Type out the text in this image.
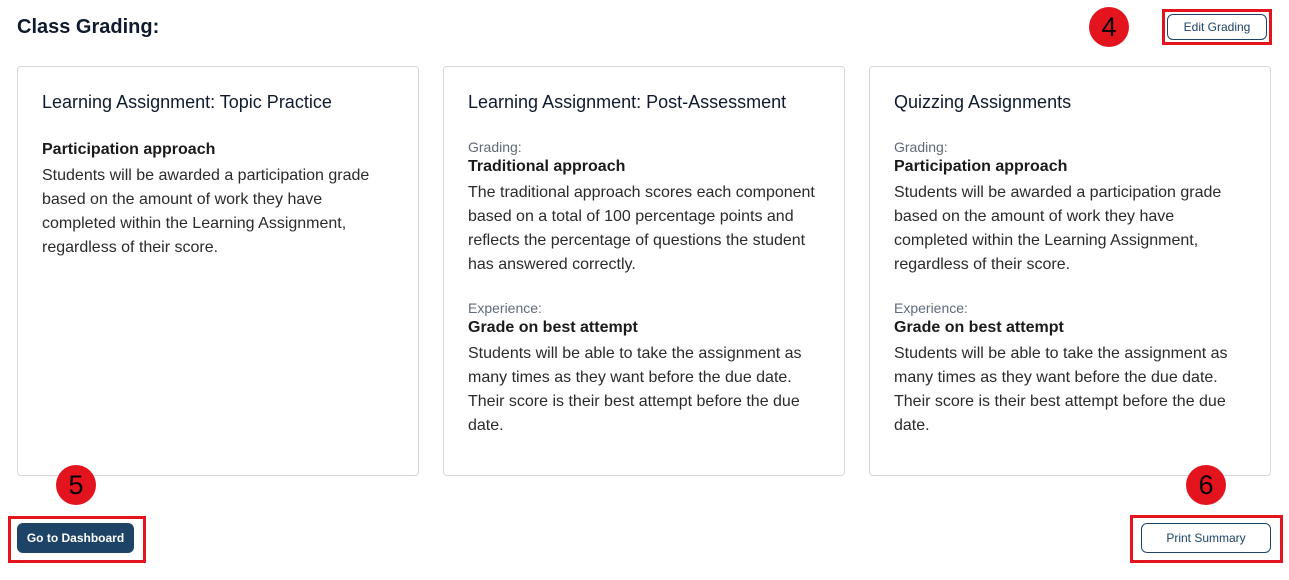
Class Grading:	Edit Grading
4
Learning Assignment: Topic Practice

Participation approach

Students will be awarded a participation grade based on the amount of work they have completed within the Learning Assignment, regardless of their score.

Learning Assignment: Post-Assessment

Grading:

Traditional approach

The traditional approach scores each component based on a total of 100 percentage points and reflects the percentage of questions the student has answered correctly.

Experience:

Grade on best attempt

Students will be able to take the assignment as many times as they want before the due date. Their score is their best attempt before the due date.

Quizzing Assignments

Grading:

Participation approach

Students will be awarded a participation grade based on the amount of work they have completed within the Learning Assignment, regardless of their score.

Experience:

Grade on best attempt

Students will be able to take the assignment as many times as they want before the due date. Their score is their best attempt before the due date.

5
Go to Dashboard
6
Print Summary
